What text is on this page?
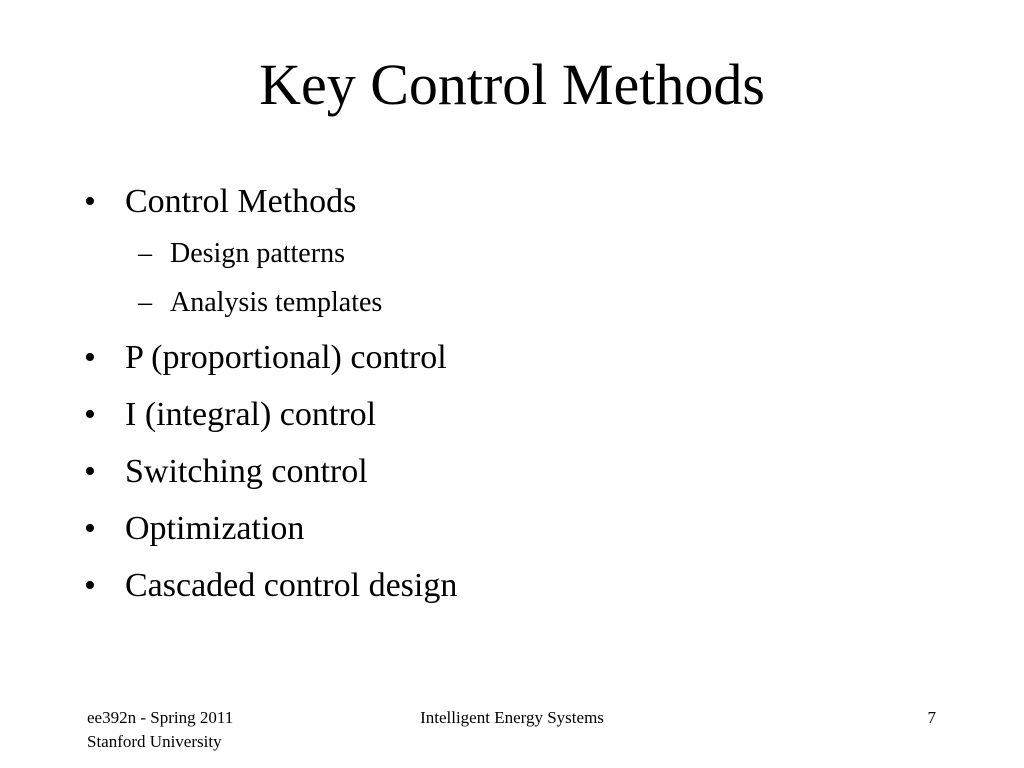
Key Control Methods
• Control Methods
– Design patterns
– Analysis templates
• P (proportional) control
• I (integral) control
• Switching control
• Optimization
• Cascaded control design
ee392n - Spring 2011
Stanford University
Intelligent Energy Systems	7
